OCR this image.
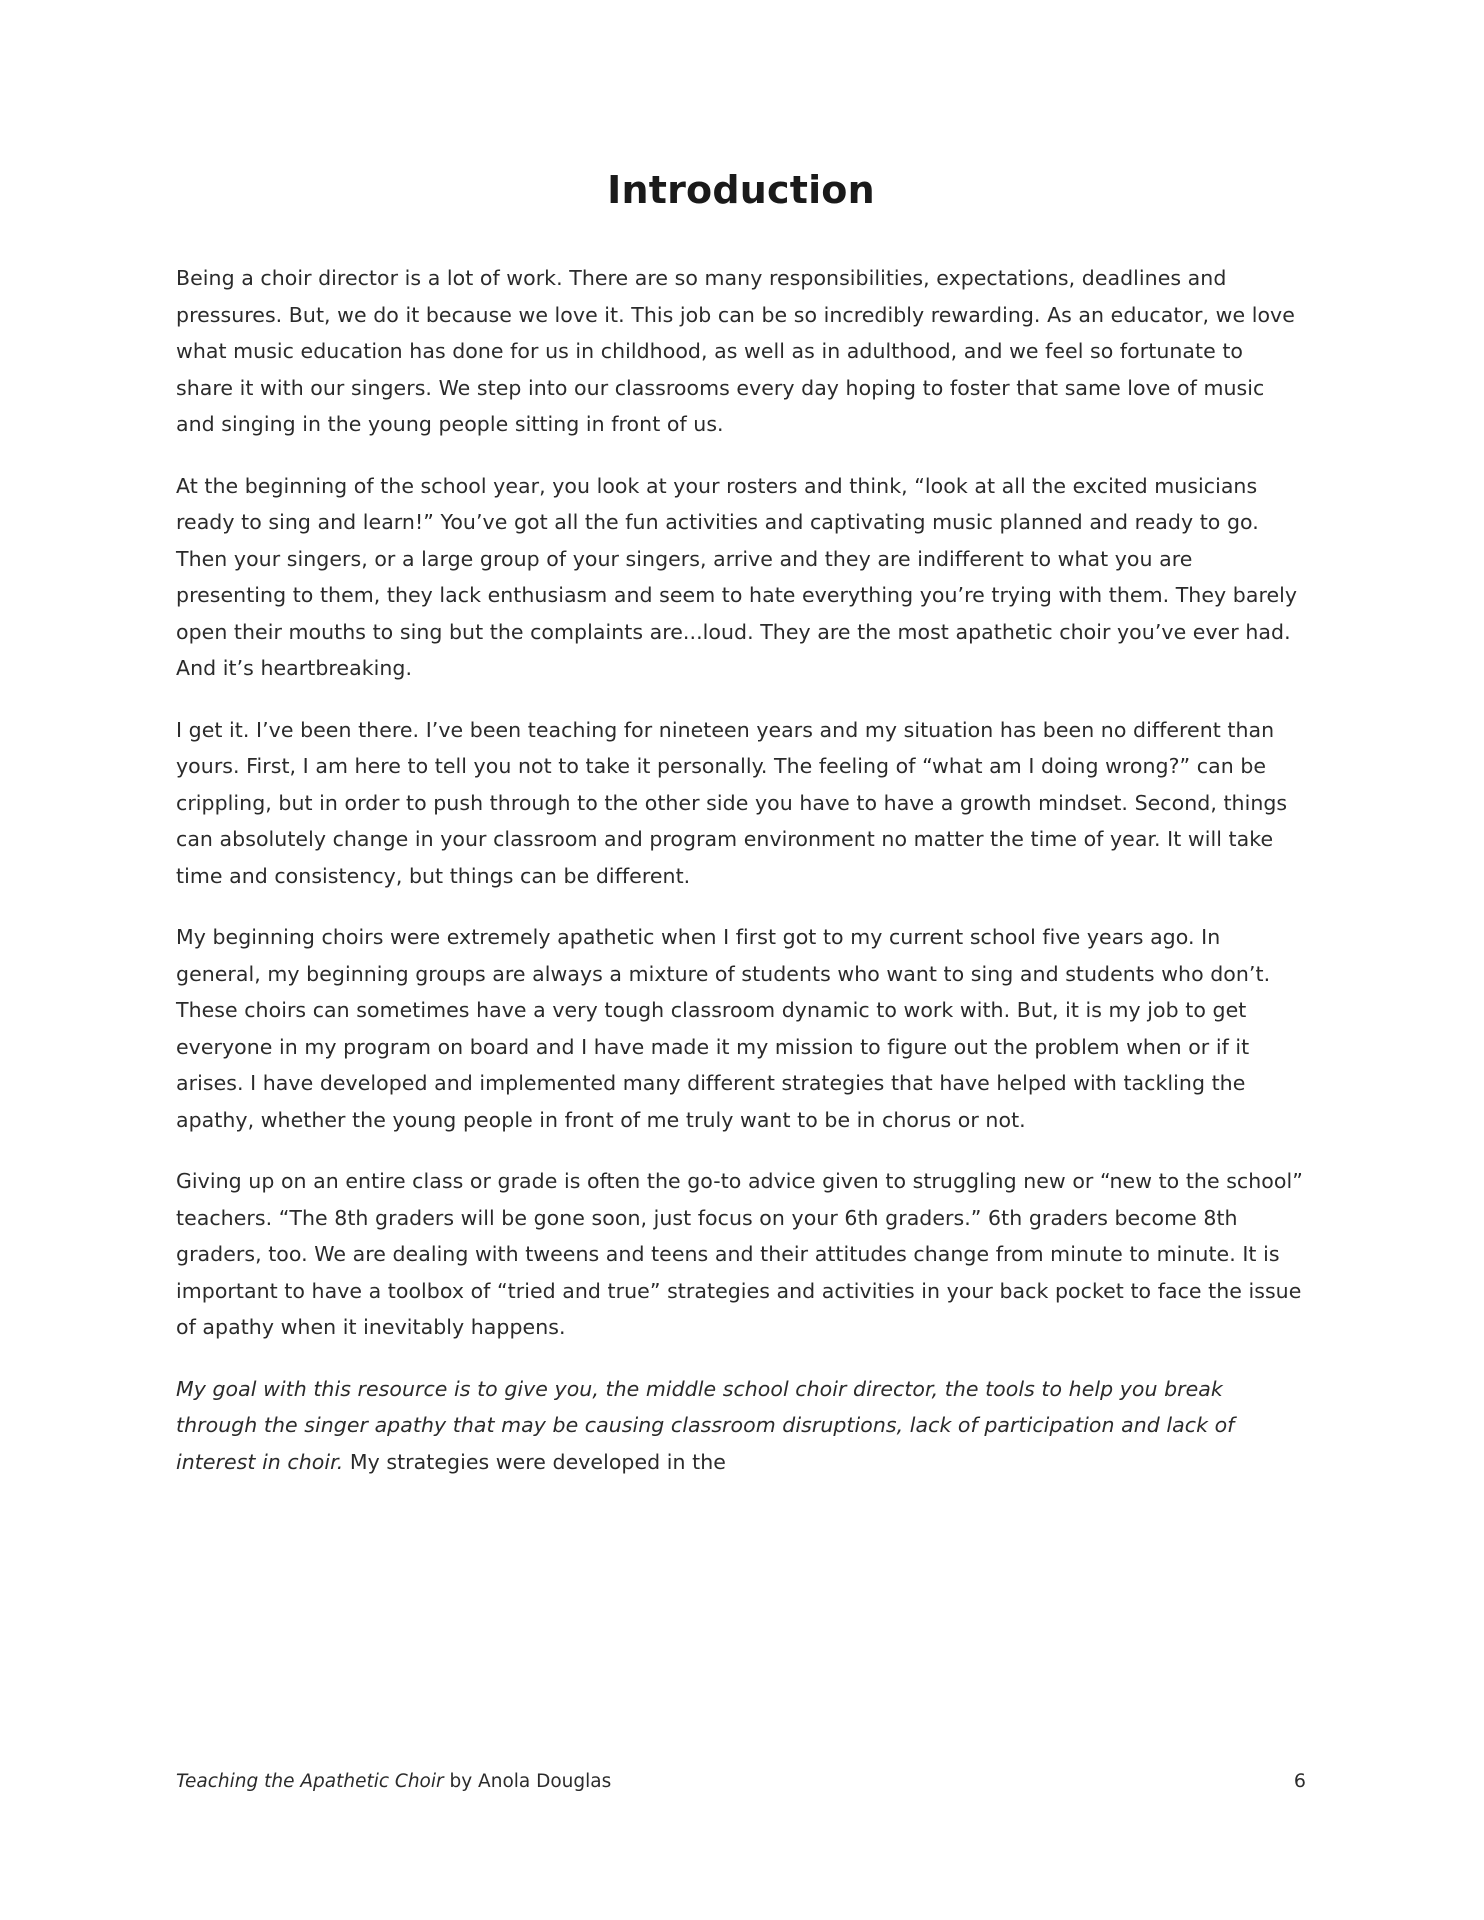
Introduction

Being a choir director is a lot of work. There are so many responsibilities, expectations, deadlines and pressures. But, we do it because we love it. This job can be so incredibly rewarding. As an educator, we love what music education has done for us in childhood, as well as in adulthood, and we feel so fortunate to share it with our singers. We step into our classrooms every day hoping to foster that same love of music and singing in the young people sitting in front of us.

At the beginning of the school year, you look at your rosters and think, “look at all the excited musicians ready to sing and learn!” You’ve got all the fun activities and captivating music planned and ready to go. Then your singers, or a large group of your singers, arrive and they are indifferent to what you are presenting to them, they lack enthusiasm and seem to hate everything you’re trying with them. They barely open their mouths to sing but the complaints are...loud. They are the most apathetic choir you’ve ever had. And it’s heartbreaking.

I get it. I’ve been there. I’ve been teaching for nineteen years and my situation has been no different than yours. First, I am here to tell you not to take it personally. The feeling of “what am I doing wrong?” can be crippling, but in order to push through to the other side you have to have a growth mindset. Second, things can absolutely change in your classroom and program environment no matter the time of year. It will take time and consistency, but things can be different.

My beginning choirs were extremely apathetic when I first got to my current school five years ago. In general, my beginning groups are always a mixture of students who want to sing and students who don’t. These choirs can sometimes have a very tough classroom dynamic to work with. But, it is my job to get everyone in my program on board and I have made it my mission to figure out the problem when or if it arises. I have developed and implemented many different strategies that have helped with tackling the apathy, whether the young people in front of me truly want to be in chorus or not.

Giving up on an entire class or grade is often the go-to advice given to struggling new or “new to the school” teachers. “The 8th graders will be gone soon, just focus on your 6th graders.” 6th graders become 8th graders, too. We are dealing with tweens and teens and their attitudes change from minute to minute. It is important to have a toolbox of “tried and true” strategies and activities in your back pocket to face the issue of apathy when it inevitably happens.

My goal with this resource is to give you, the middle school choir director, the tools to help you break through the singer apathy that may be causing classroom disruptions, lack of participation and lack of interest in choir. My strategies were developed in the

Teaching the Apathetic Choir by Anola Douglas	6
